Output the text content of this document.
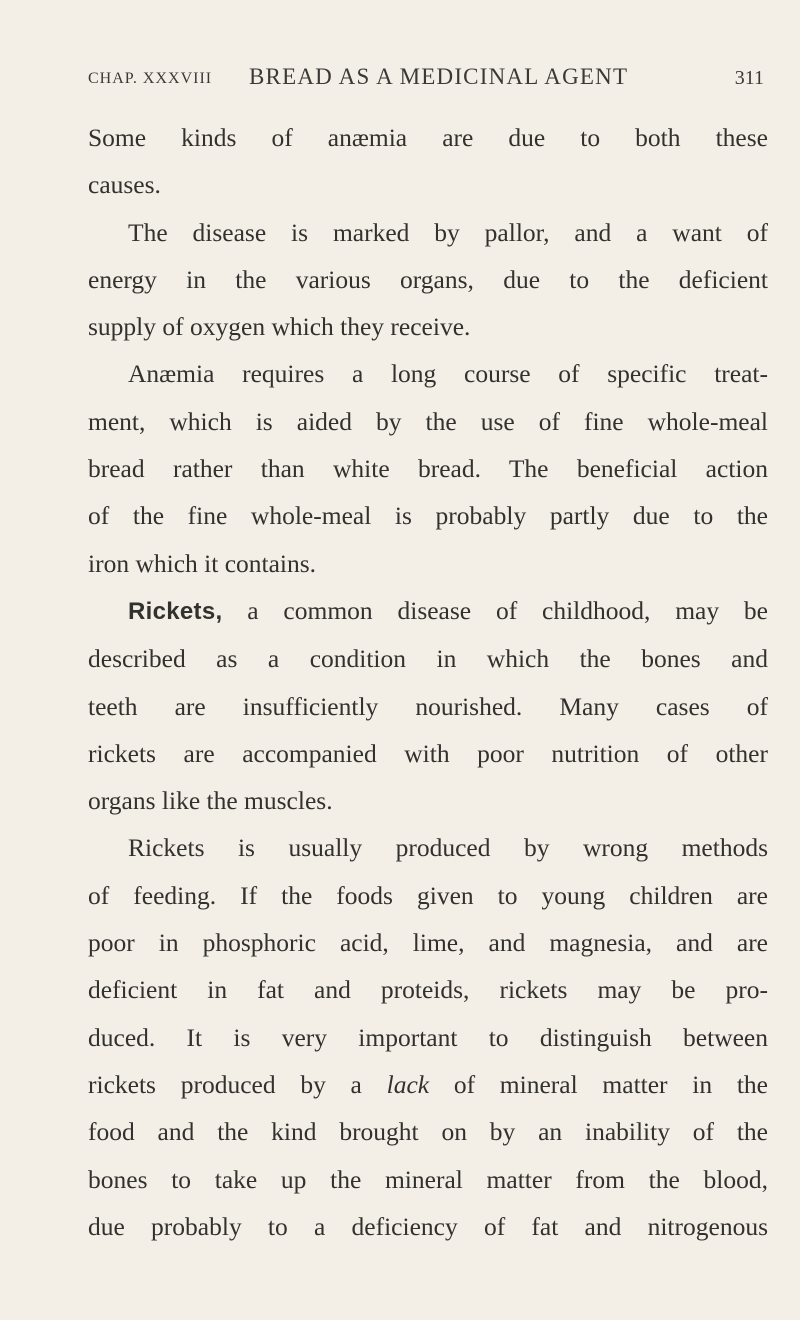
CHAP. XXXVIII BREAD AS A MEDICINAL AGENT	311

Some kinds of anæmia are due to both these
causes.

The disease is marked by pallor, and a want of
energy in the various organs, due to the deficient
supply of oxygen which they receive.

Anæmia requires a long course of specific treat-
ment, which is aided by the use of fine whole-meal
bread rather than white bread. The beneficial action
of the fine whole-meal is probably partly due to the
iron which it contains.

Rickets, a common disease of childhood, may be
described as a condition in which the bones and
teeth are insufficiently nourished. Many cases of
rickets are accompanied with poor nutrition of other
organs like the muscles.

Rickets is usually produced by wrong methods
of feeding. If the foods given to young children are
poor in phosphoric acid, lime, and magnesia, and are
deficient in fat and proteids, rickets may be pro-
duced. It is very important to distinguish between
rickets produced by a lack of mineral matter in the
food and the kind brought on by an inability of the
bones to take up the mineral matter from the blood,
due probably to a deficiency of fat and nitrogenous
